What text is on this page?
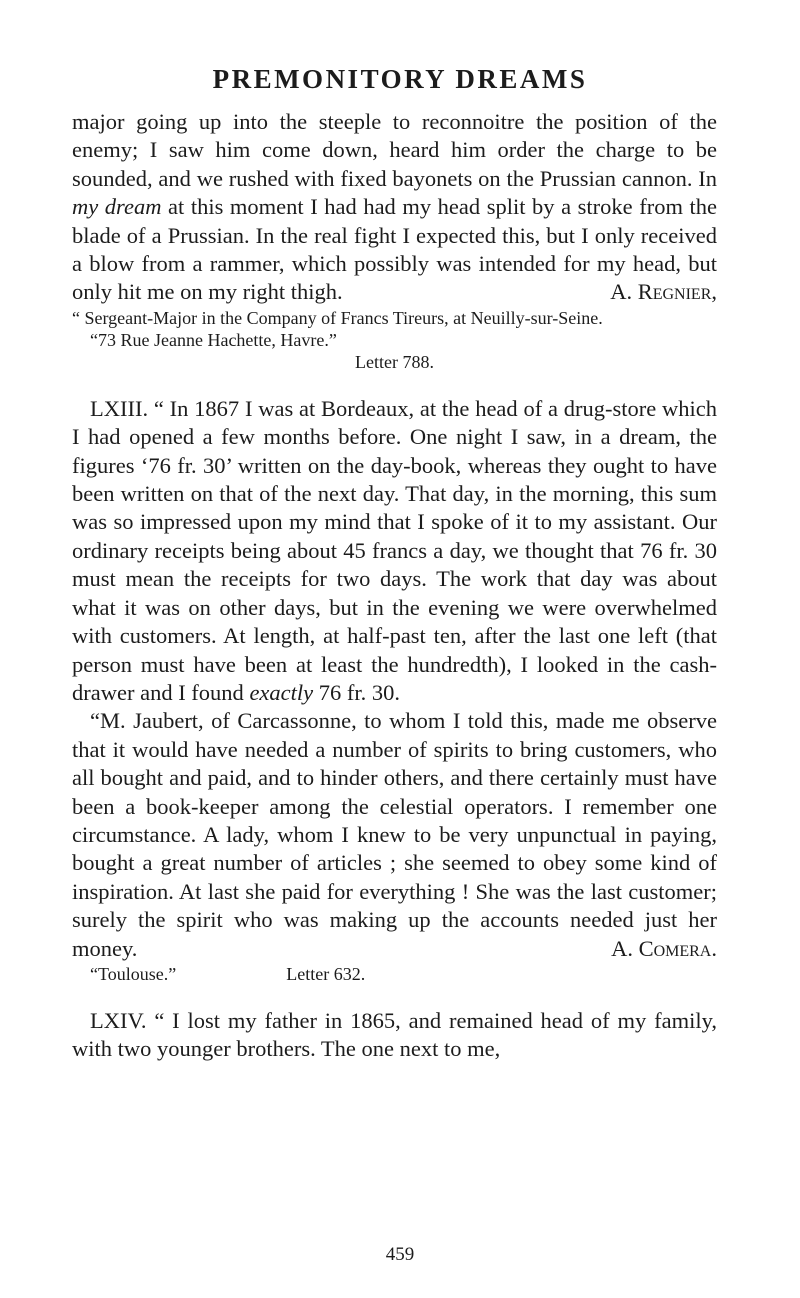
PREMONITORY DREAMS

major going up into the steeple to reconnoitre the position of the enemy; I saw him come down, heard him order the charge to be sounded, and we rushed with fixed bayonets on the Prussian cannon. In my dream at this moment I had had my head split by a stroke from the blade of a Prussian. In the real fight I expected this, but I only received a blow from a rammer, which possibly was intended for my head, but only hit me on my right thigh.	A. Regnier,

“ Sergeant-Major in the Company of Francs Tireurs, at Neuilly-sur-Seine.

“73 Rue Jeanne Hachette, Havre.”

Letter 788.

LXIII. “ In 1867 I was at Bordeaux, at the head of a drug-store which I had opened a few months before. One night I saw, in a dream, the figures ‘76 fr. 30’ written on the day-book, whereas they ought to have been written on that of the next day. That day, in the morning, this sum was so impressed upon my mind that I spoke of it to my assistant. Our ordinary receipts being about 45 francs a day, we thought that 76 fr. 30 must mean the receipts for two days. The work that day was about what it was on other days, but in the evening we were overwhelmed with customers. At length, at half-past ten, after the last one left (that person must have been at least the hundredth), I looked in the cash-drawer and I found exactly 76 fr. 30.

“M. Jaubert, of Carcassonne, to whom I told this, made me observe that it would have needed a number of spirits to bring customers, who all bought and paid, and to hinder others, and there certainly must have been a book-keeper among the celestial operators. I remember one circumstance. A lady, whom I knew to be very unpunctual in paying, bought a great number of articles ; she seemed to obey some kind of inspiration. At last she paid for everything ! She was the last customer; surely the spirit who was making up the accounts needed just her money.	A. Comera.

“Toulouse.”	Letter 632.

LXIV. “ I lost my father in 1865, and remained head of my family, with two younger brothers. The one next to me,

459
